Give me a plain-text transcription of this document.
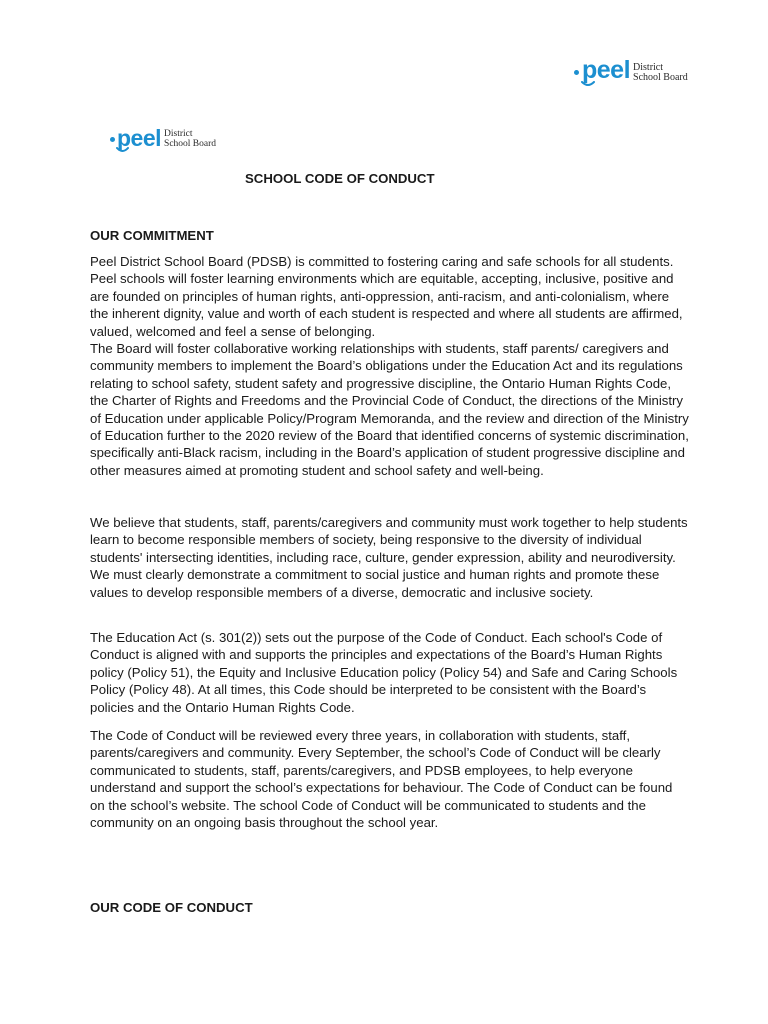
peel District
School Board
peel District
School Board
SCHOOL CODE OF CONDUCT
OUR COMMITMENT

Peel District School Board (PDSB) is committed to fostering caring and safe schools for all students. Peel schools will foster learning environments which are equitable, accepting, inclusive, positive and are founded on principles of human rights, anti-oppression, anti-racism, and anti-colonialism, where the inherent dignity, value and worth of each student is respected and where all students are affirmed, valued, welcomed and feel a sense of belonging.

The Board will foster collaborative working relationships with students, staff parents/ caregivers and community members to implement the Board’s obligations under the Education Act and its regulations relating to school safety, student safety and progressive discipline, the Ontario Human Rights Code, the Charter of Rights and Freedoms and the Provincial Code of Conduct, the directions of the Ministry of Education under applicable Policy/Program Memoranda, and the review and direction of the Ministry of Education further to the 2020 review of the Board that identified concerns of systemic discrimination, specifically anti-Black racism, including in the Board’s application of student progressive discipline and other measures aimed at promoting student and school safety and well-being.

We believe that students, staff, parents/caregivers and community must work together to help students learn to become responsible members of society, being responsive to the diversity of individual students' intersecting identities, including race, culture, gender expression, ability and neurodiversity. We must clearly demonstrate a commitment to social justice and human rights and promote these values to develop responsible members of a diverse, democratic and inclusive society.

The Education Act (s. 301(2)) sets out the purpose of the Code of Conduct. Each school's Code of Conduct is aligned with and supports the principles and expectations of the Board’s Human Rights policy (Policy 51), the Equity and Inclusive Education policy (Policy 54) and Safe and Caring Schools Policy (Policy 48). At all times, this Code should be interpreted to be consistent with the Board’s policies and the Ontario Human Rights Code.

The Code of Conduct will be reviewed every three years, in collaboration with students, staff, parents/caregivers and community. Every September, the school’s Code of Conduct will be clearly communicated to students, staff, parents/caregivers, and PDSB employees, to help everyone understand and support the school’s expectations for behaviour. The Code of Conduct can be found on the school’s website. The school Code of Conduct will be communicated to students and the community on an ongoing basis throughout the school year.

OUR CODE OF CONDUCT
